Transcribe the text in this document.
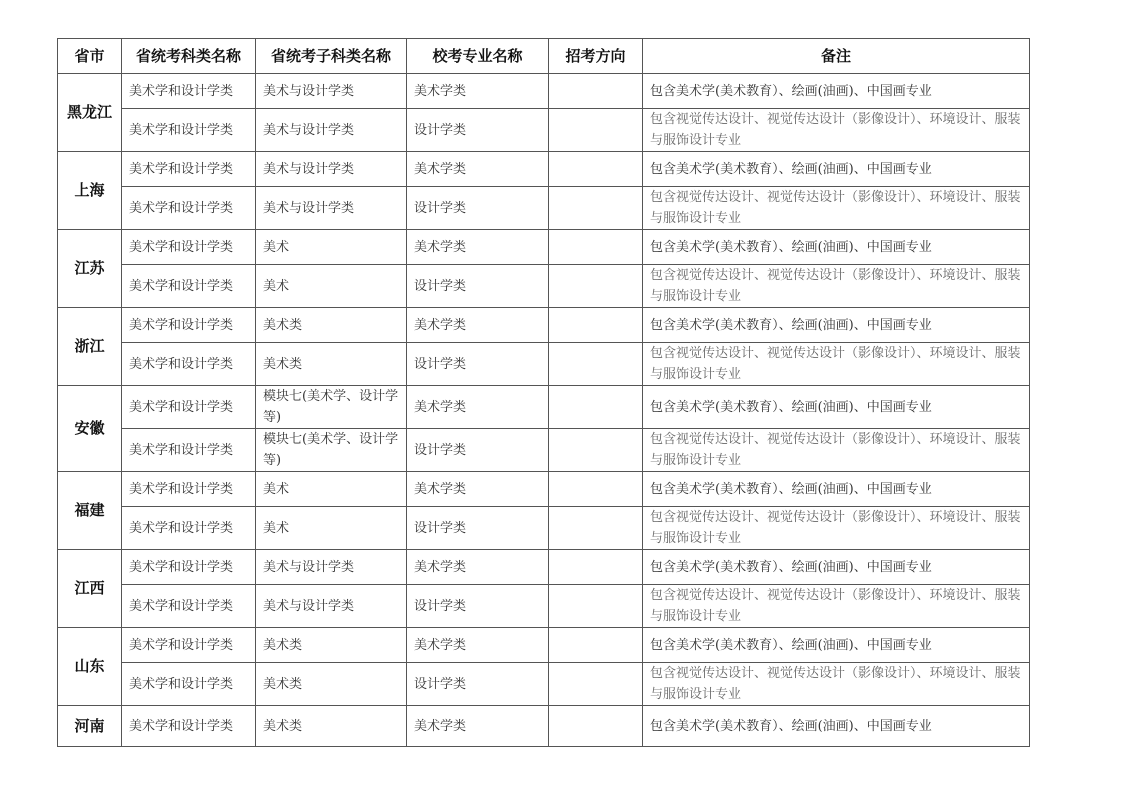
省市	省统考科类名称	省统考子科类名称	校考专业名称	招考方向	备注
黑龙江	美术学和设计学类	美术与设计学类	美术学类		包含美术学(美术教育）、绘画(油画)、中国画专业
	美术学和设计学类	美术与设计学类	设计学类		包含视觉传达设计、视觉传达设计（影像设计）、环境设计、服装与服饰设计专业
上海	美术学和设计学类	美术与设计学类	美术学类		包含美术学(美术教育）、绘画(油画)、中国画专业
	美术学和设计学类	美术与设计学类	设计学类		包含视觉传达设计、视觉传达设计（影像设计）、环境设计、服装与服饰设计专业
江苏	美术学和设计学类	美术	美术学类		包含美术学(美术教育）、绘画(油画)、中国画专业
	美术学和设计学类	美术	设计学类		包含视觉传达设计、视觉传达设计（影像设计）、环境设计、服装与服饰设计专业
浙江	美术学和设计学类	美术类	美术学类		包含美术学(美术教育）、绘画(油画)、中国画专业
	美术学和设计学类	美术类	设计学类		包含视觉传达设计、视觉传达设计（影像设计）、环境设计、服装与服饰设计专业
安徽	美术学和设计学类	模块七(美术学、设计学等)	美术学类		包含美术学(美术教育）、绘画(油画)、中国画专业
	美术学和设计学类	模块七(美术学、设计学等)	设计学类		包含视觉传达设计、视觉传达设计（影像设计）、环境设计、服装与服饰设计专业
福建	美术学和设计学类	美术	美术学类		包含美术学(美术教育）、绘画(油画)、中国画专业
	美术学和设计学类	美术	设计学类		包含视觉传达设计、视觉传达设计（影像设计）、环境设计、服装与服饰设计专业
江西	美术学和设计学类	美术与设计学类	美术学类		包含美术学(美术教育）、绘画(油画)、中国画专业
	美术学和设计学类	美术与设计学类	设计学类		包含视觉传达设计、视觉传达设计（影像设计）、环境设计、服装与服饰设计专业
山东	美术学和设计学类	美术类	美术学类		包含美术学(美术教育）、绘画(油画)、中国画专业
	美术学和设计学类	美术类	设计学类		包含视觉传达设计、视觉传达设计（影像设计）、环境设计、服装与服饰设计专业
河南	美术学和设计学类	美术类	美术学类		包含美术学(美术教育）、绘画(油画)、中国画专业
